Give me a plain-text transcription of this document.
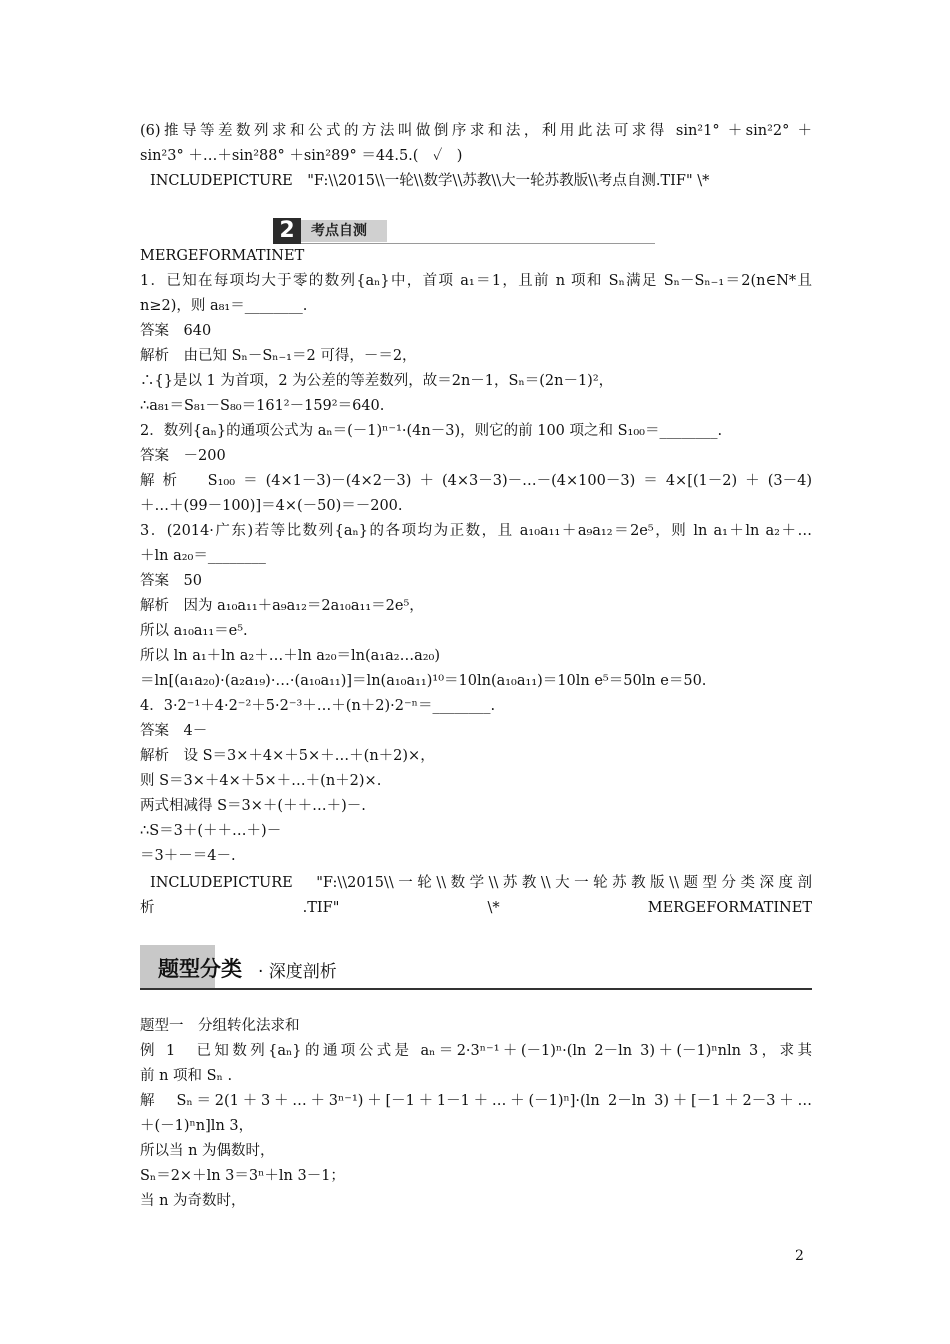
(6)推导等差数列求和公式的方法叫做倒序求和法，利用此法可求得 sin²1° ＋sin²2° ＋
sin²3° ＋…＋sin²88° ＋sin²89° ＝44.5.(　✓　)
INCLUDEPICTURE　"F:\\2015\\一轮\\数学\\苏教\\大一轮苏教版\\考点自测.TIF" \*
2	考点自测
MERGEFORMATINET
1．已知在每项均大于零的数列{aₙ}中，首项 a₁＝1，且前 n 项和 Sₙ满足 Sₙ－Sₙ₋₁＝2(n∈N*且
n≥2)，则 a₈₁＝________.
答案　640
解析　由已知 Sₙ－Sₙ₋₁＝2 可得，－＝2，
∴{}是以 1 为首项，2 为公差的等差数列，故＝2n－1，Sₙ＝(2n－1)²，
∴a₈₁＝S₈₁－S₈₀＝161²－159²＝640.
2．数列{aₙ}的通项公式为 aₙ＝(－1)ⁿ⁻¹·(4n－3)，则它的前 100 项之和 S₁₀₀＝________.
答案　－200
解析　S₁₀₀＝(4×1－3)－(4×2－3)＋(4×3－3)－…－(4×100－3)＝4×[(1－2)＋(3－4)
＋…＋(99－100)]＝4×(－50)＝－200.
3．(2014·广东)若等比数列{aₙ}的各项均为正数，且 a₁₀a₁₁＋a₉a₁₂＝2e⁵，则 ln a₁＋ln a₂＋…
＋ln a₂₀＝________
答案　50
解析　因为 a₁₀a₁₁＋a₉a₁₂＝2a₁₀a₁₁＝2e⁵，
所以 a₁₀a₁₁＝e⁵.
所以 ln a₁＋ln a₂＋…＋ln a₂₀＝ln(a₁a₂…a₂₀)
＝ln[(a₁a₂₀)·(a₂a₁₉)·…·(a₁₀a₁₁)]＝ln(a₁₀a₁₁)¹⁰＝10ln(a₁₀a₁₁)＝10ln e⁵＝50ln e＝50.
4．3·2⁻¹＋4·2⁻²＋5·2⁻³＋…＋(n＋2)·2⁻ⁿ＝________.
答案　4－
解析　设 S＝3×＋4×＋5×＋…＋(n＋2)×，
则 S＝3×＋4×＋5×＋…＋(n＋2)×.
两式相减得 S＝3×＋(＋＋…＋)－.
∴S＝3＋(＋＋…＋)－
＝3＋－＝4－.
INCLUDEPICTURE　"F:\\2015\\一轮\\数学\\苏教\\大一轮苏教版\\题型分类深度剖
析　　　　　.TIF"　　　　　\*　　　　　MERGEFORMATINET
题型分类 · 深度剖析
题型一　分组转化法求和
例 1　已知数列{aₙ}的通项公式是 aₙ＝2·3ⁿ⁻¹＋(－1)ⁿ·(ln 2－ln 3)＋(－1)ⁿnln 3，求其
前 n 项和 Sₙ .
解　Sₙ＝2(1＋3＋…＋3ⁿ⁻¹)＋[－1＋1－1＋…＋(－1)ⁿ]·(ln 2－ln 3)＋[－1＋2－3＋…
＋(－1)ⁿn]ln 3，
所以当 n 为偶数时，
Sₙ＝2×＋ln 3＝3ⁿ＋ln 3－1；
当 n 为奇数时，
2
